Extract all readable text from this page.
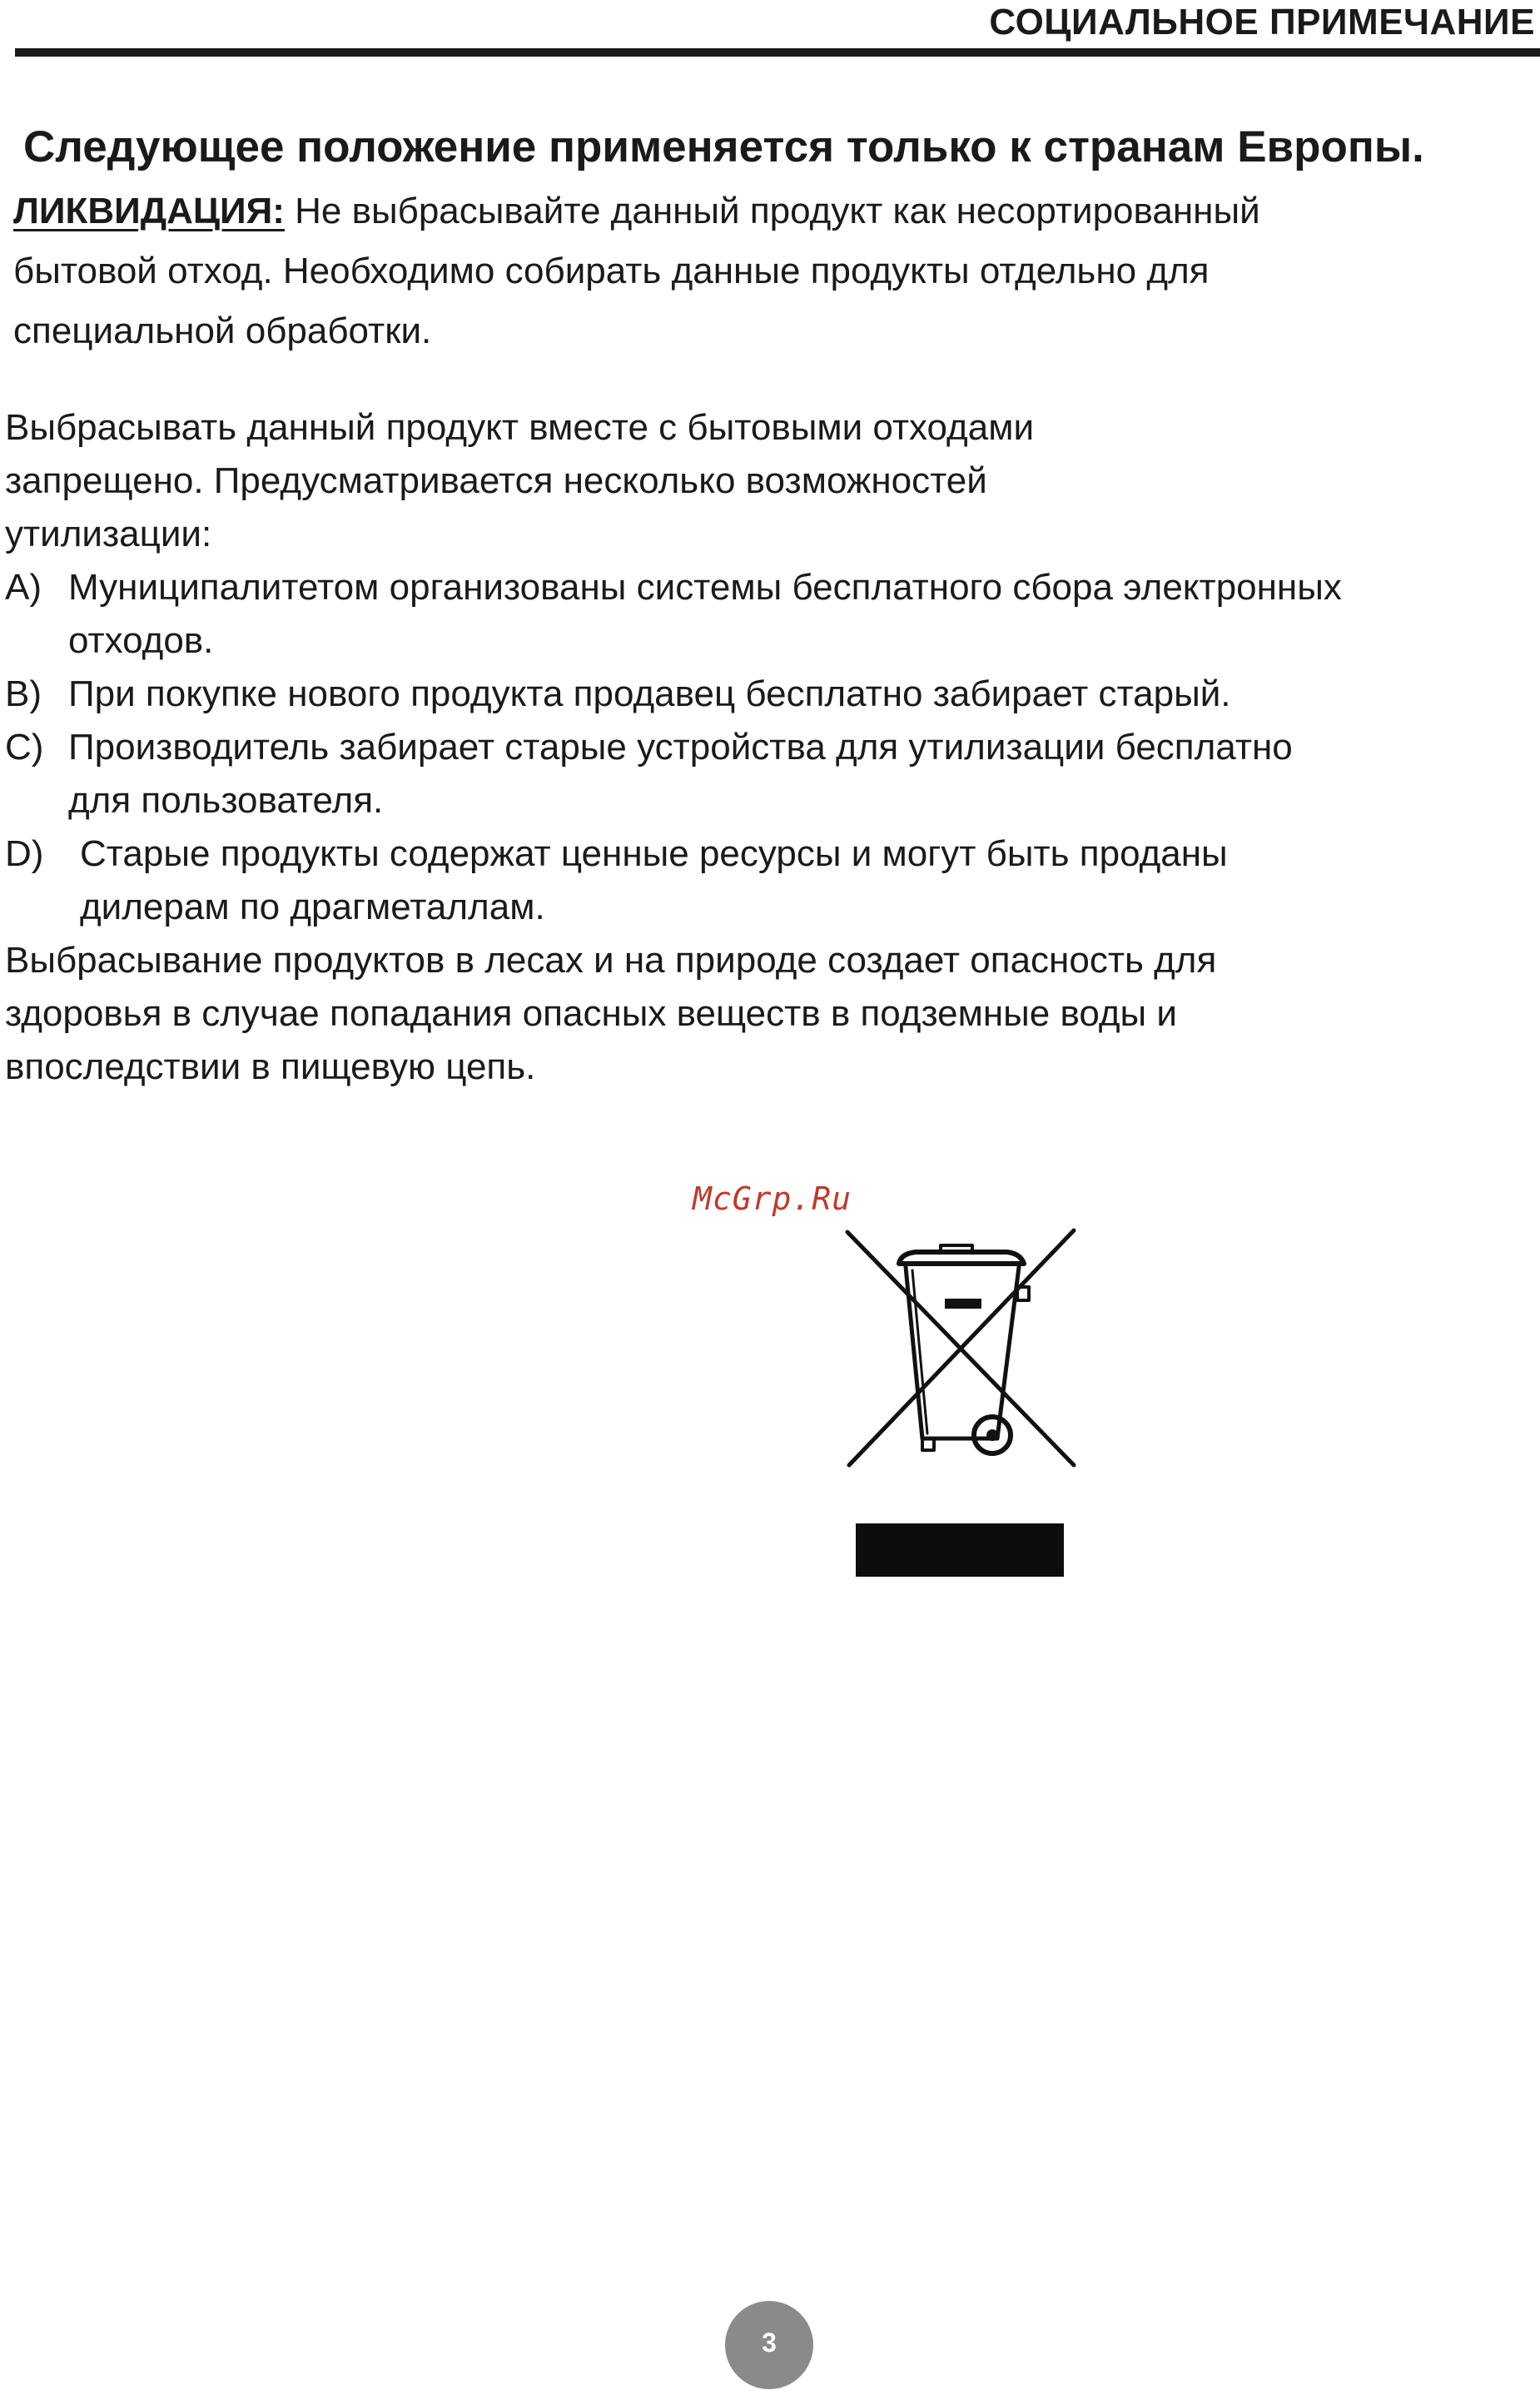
СОЦИАЛЬНОЕ ПРИМЕЧАНИЕ
Следующее положение применяется только к странам Европы.

ЛИКВИДАЦИЯ: Не выбрасывайте данный продукт как несортированный

бытовой отход. Необходимо собирать данные продукты отдельно для

специальной обработки.

Выбрасывать данный продукт вместе с бытовыми отходами

запрещено. Предусматривается несколько возможностей

утилизации:

A) Муниципалитетом организованы системы бесплатного сбора электронных

отходов.

B) При покупке нового продукта продавец бесплатно забирает старый.

C) Производитель забирает старые устройства для утилизации бесплатно

для пользователя.

D) Старые продукты содержат ценные ресурсы и могут быть проданы

дилерам по драгметаллам.

Выбрасывание продуктов в лесах и на природе создает опасность для

здоровья в случае попадания опасных веществ в подземные воды и

впоследствии в пищевую цепь.

McGrp.Ru
3
